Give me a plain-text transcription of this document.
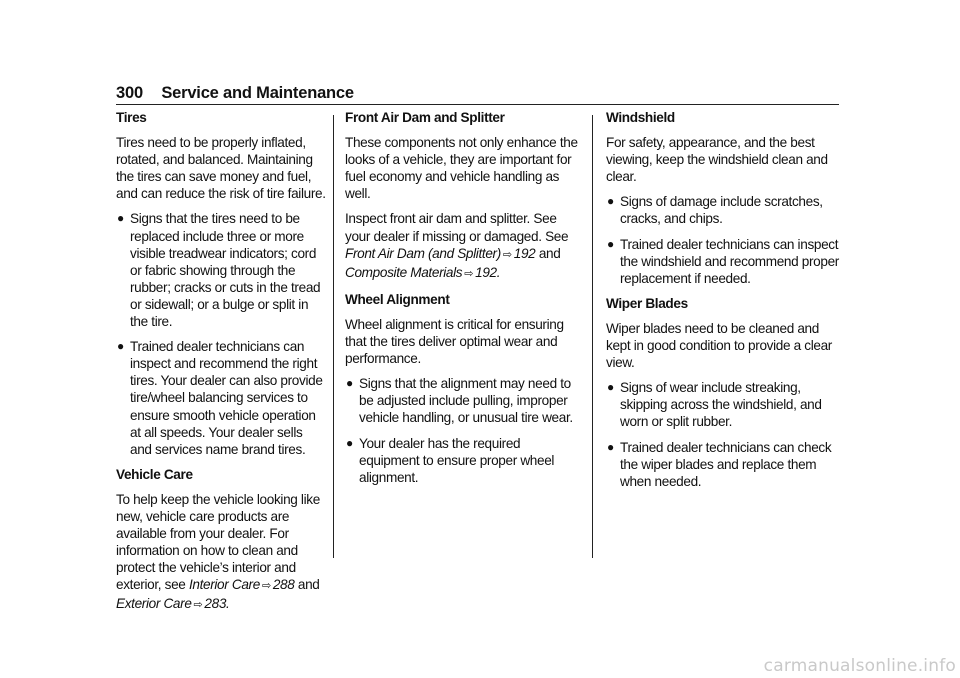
300 Service and Maintenance
Tires

Tires need to be properly inflated, rotated, and balanced. Maintaining the tires can save money and fuel, and can reduce the risk of tire failure.

● Signs that the tires need to be replaced include three or more visible treadwear indicators; cord or fabric showing through the rubber; cracks or cuts in the tread or sidewall; or a bulge or split in the tire.
● Trained dealer technicians can inspect and recommend the right tires. Your dealer can also provide tire/wheel balancing services to ensure smooth vehicle operation at all speeds. Your dealer sells and services name brand tires.
Vehicle Care

To help keep the vehicle looking like new, vehicle care products are available from your dealer. For information on how to clean and protect the vehicle’s interior and exterior, see Interior Care ⇨ 288 and
Exterior Care ⇨ 283.

Front Air Dam and Splitter

These components not only enhance the looks of a vehicle, they are important for fuel economy and vehicle handling as well.

Inspect front air dam and splitter. See your dealer if missing or damaged. See Front Air Dam (and Splitter) ⇨ 192 and
Composite Materials ⇨ 192.

Wheel Alignment

Wheel alignment is critical for ensuring that the tires deliver optimal wear and performance.

● Signs that the alignment may need to be adjusted include pulling, improper vehicle handling, or unusual tire wear.
● Your dealer has the required equipment to ensure proper wheel alignment.
Windshield

For safety, appearance, and the best viewing, keep the windshield clean and clear.

● Signs of damage include scratches, cracks, and chips.
● Trained dealer technicians can inspect the windshield and recommend proper replacement if needed.
Wiper Blades

Wiper blades need to be cleaned and kept in good condition to provide a clear view.

● Signs of wear include streaking, skipping across the windshield, and worn or split rubber.
● Trained dealer technicians can check the wiper blades and replace them when needed.
carmanualsonline.info
